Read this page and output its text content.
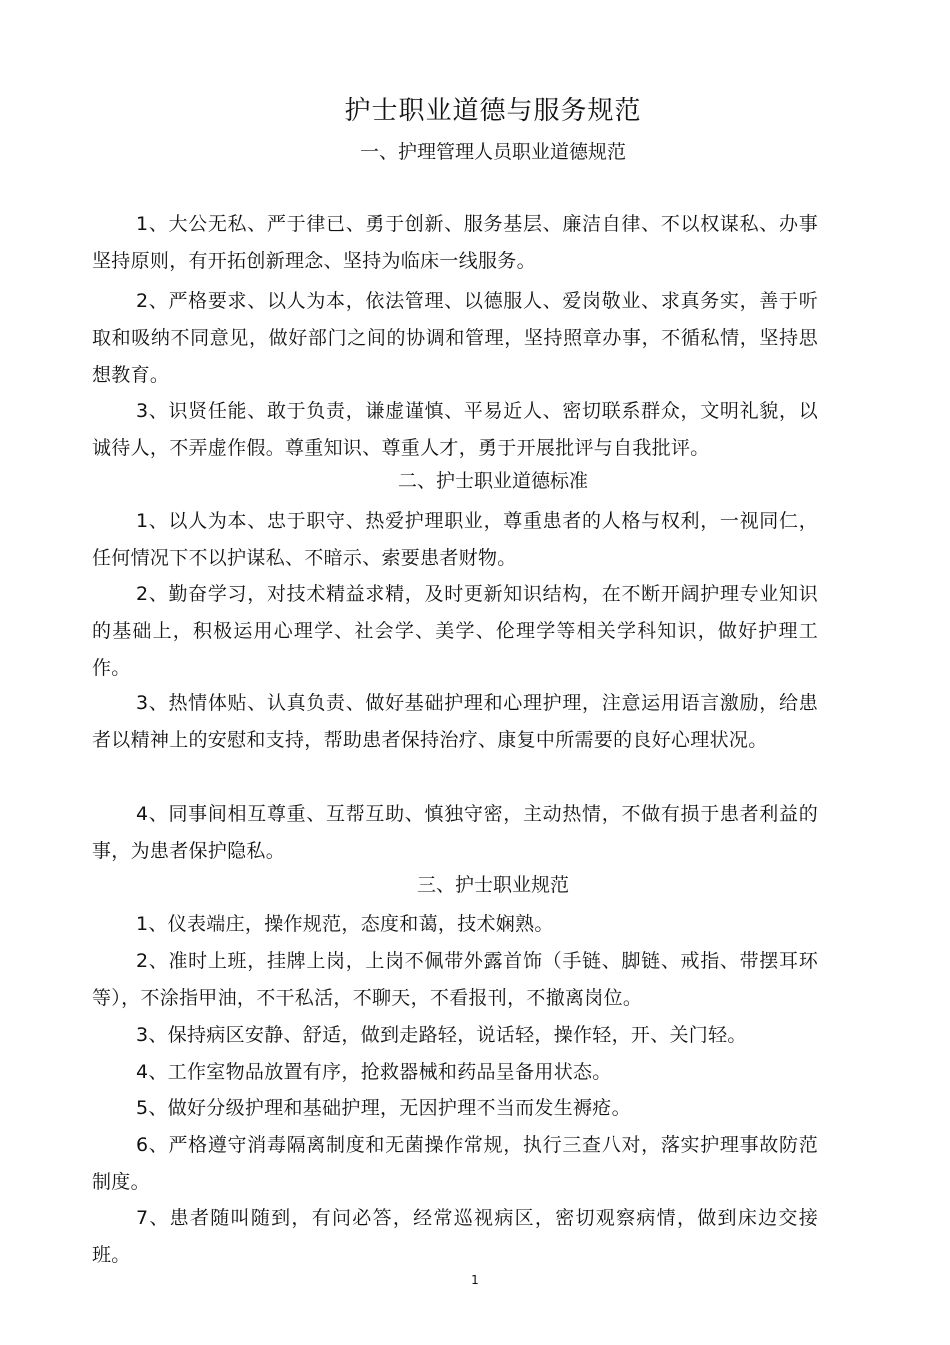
护士职业道德与服务规范
一、护理管理人员职业道德规范
1、大公无私、严于律已、勇于创新、服务基层、廉洁自律、不以权谋私、办事坚持原则，有开拓创新理念、坚持为临床一线服务。
2、严格要求、以人为本，依法管理、以德服人、爱岗敬业、求真务实，善于听取和吸纳不同意见，做好部门之间的协调和管理，坚持照章办事，不循私情，坚持思想教育。
3、识贤任能、敢于负责，谦虚谨慎、平易近人、密切联系群众，文明礼貌，以诚待人，不弄虚作假。尊重知识、尊重人才，勇于开展批评与自我批评。
二、护士职业道德标准
1、以人为本、忠于职守、热爱护理职业，尊重患者的人格与权利，一视同仁，任何情况下不以护谋私、不暗示、索要患者财物。
2、勤奋学习，对技术精益求精，及时更新知识结构，在不断开阔护理专业知识的基础上，积极运用心理学、社会学、美学、伦理学等相关学科知识，做好护理工作。
3、热情体贴、认真负责、做好基础护理和心理护理，注意运用语言激励，给患者以精神上的安慰和支持，帮助患者保持治疗、康复中所需要的良好心理状况。
4、同事间相互尊重、互帮互助、慎独守密，主动热情，不做有损于患者利益的事，为患者保护隐私。
三、护士职业规范
1、仪表端庄，操作规范，态度和蔼，技术娴熟。
2、准时上班，挂牌上岗，上岗不佩带外露首饰（手链、脚链、戒指、带摆耳环等），不涂指甲油，不干私活，不聊天，不看报刊，不撤离岗位。
3、保持病区安静、舒适，做到走路轻，说话轻，操作轻，开、关门轻。
4、工作室物品放置有序，抢救器械和药品呈备用状态。
5、做好分级护理和基础护理，无因护理不当而发生褥疮。
6、严格遵守消毒隔离制度和无菌操作常规，执行三查八对，落实护理事故防范制度。
7、患者随叫随到，有问必答，经常巡视病区，密切观察病情，做到床边交接班。
1
